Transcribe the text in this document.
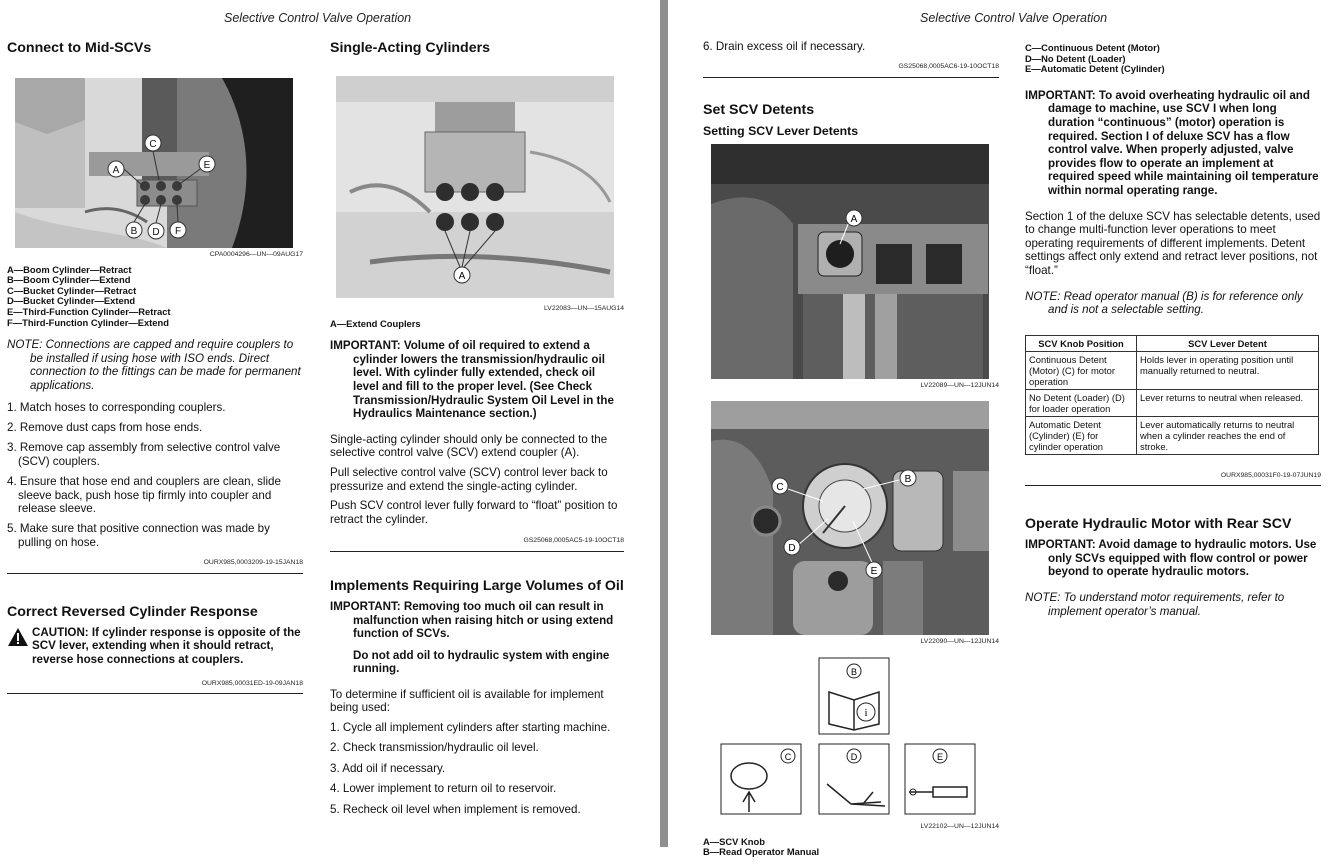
Selective Control Valve Operation
Connect to Mid-SCVs
A
C
E
B D F

CPA0004296—UN—09AUG17

A—Boom Cylinder—Retract
B—Boom Cylinder—Extend
C—Bucket Cylinder—Retract
D—Bucket Cylinder—Extend
E—Third-Function Cylinder—Retract
F—Third-Function Cylinder—Extend

NOTE: Connections are capped and require couplers to be installed if using hose with ISO ends. Direct connection to the fittings can be made for permanent applications.

1. Match hoses to corresponding couplers.
2. Remove dust caps from hose ends.
3. Remove cap assembly from selective control valve (SCV) couplers.
4. Ensure that hose end and couplers are clean, slide sleeve back, push hose tip firmly into coupler and release sleeve.
5. Make sure that positive connection was made by pulling on hose.

OURX985,0003209-19-15JAN18

Correct Reversed Cylinder Response
CAUTION: If cylinder response is opposite of the SCV lever, extending when it should retract, reverse hose connections at couplers.

OURX985,00031ED-19-09JAN18

Single-Acting Cylinders
A

LV22083—UN—15AUG14

A—Extend Couplers

IMPORTANT: Volume of oil required to extend a cylinder lowers the transmission/hydraulic oil level. With cylinder fully extended, check oil level and fill to the proper level. (See Check Transmission/Hydraulic System Oil Level in the Hydraulics Maintenance section.)

Single-acting cylinder should only be connected to the selective control valve (SCV) extend coupler (A).

Pull selective control valve (SCV) control lever back to pressurize and extend the single-acting cylinder.

Push SCV control lever fully forward to “float” position to retract the cylinder.

GS25068,0005AC5-19-10OCT18

Implements Requiring Large Volumes of Oil

IMPORTANT: Removing too much oil can result in malfunction when raising hitch or using extend function of SCVs.

Do not add oil to hydraulic system with engine running.

To determine if sufficient oil is available for implement being used:

1. Cycle all implement cylinders after starting machine.
2. Check transmission/hydraulic oil level.
3. Add oil if necessary.
4. Lower implement to return oil to reservoir.
5. Recheck oil level when implement is removed.
Selective Control Valve Operation
6. Drain excess oil if necessary.

GS25068,0005AC6-19-10OCT18

Set SCV Detents
Setting SCV Lever Detents
A

LV22089—UN—12JUN14

C
B
D
E

LV22090—UN—12JUN14

B
i
C	D	E

LV22102—UN—12JUN14

A—SCV Knob
B—Read Operator Manual
C—Continuous Detent (Motor)
D—No Detent (Loader)
E—Automatic Detent (Cylinder)

IMPORTANT: To avoid overheating hydraulic oil and damage to machine, use SCV I when long duration “continuous” (motor) operation is required. Section I of deluxe SCV has a flow control valve. When properly adjusted, valve provides flow to operate an implement at required speed while maintaining oil temperature within normal operating range.

Section 1 of the deluxe SCV has selectable detents, used to change multi-function lever operations to meet operating requirements of different implements. Detent settings affect only extend and retract lever positions, not “float.”

NOTE: Read operator manual (B) is for reference only and is not a selectable setting.

SCV Knob Position	SCV Lever Detent
Continuous Detent (Motor) (C) for motor operation	Holds lever in operating position until manually returned to neutral.
No Detent (Loader) (D) for loader operation	Lever returns to neutral when released.
Automatic Detent (Cylinder) (E) for cylinder operation	Lever automatically returns to neutral when a cylinder reaches the end of stroke.

OURX985,00031F0-19-07JUN19

Operate Hydraulic Motor with Rear SCV

IMPORTANT: Avoid damage to hydraulic motors. Use only SCVs equipped with flow control or power beyond to operate hydraulic motors.

NOTE: To understand motor requirements, refer to implement operator’s manual.
